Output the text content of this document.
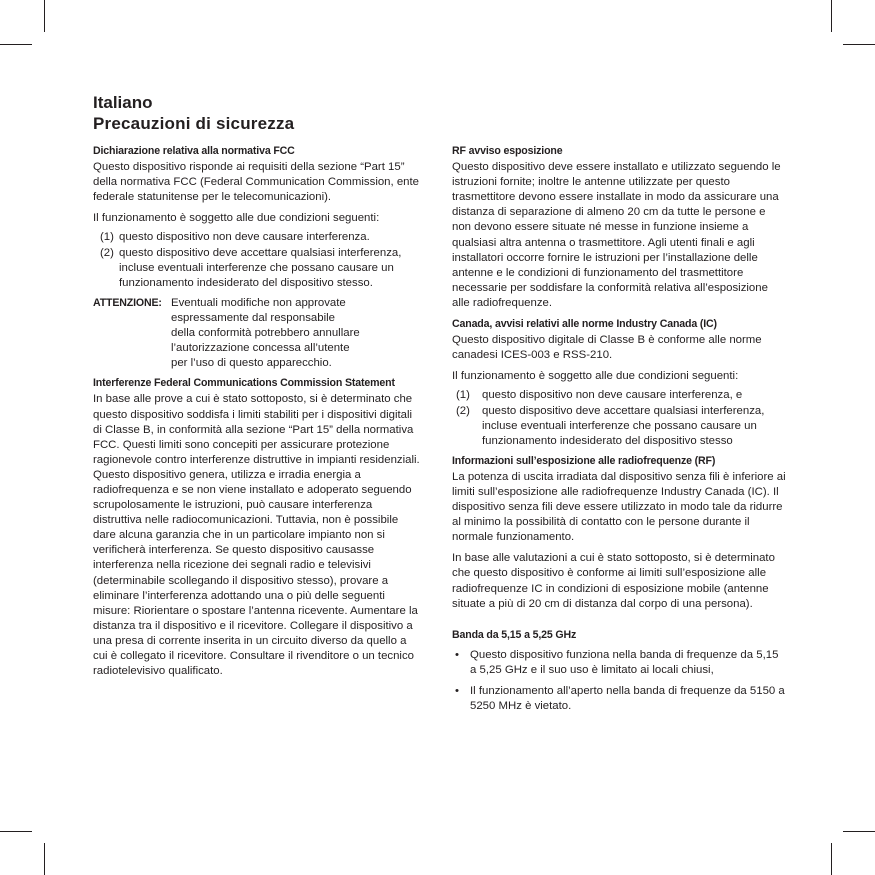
Italiano
Precauzioni di sicurezza
Dichiarazione relativa alla normativa FCC

Questo dispositivo risponde ai requisiti della sezione “Part 15” della normativa FCC (Federal Communication Commission, ente federale statunitense per le telecomunicazioni).

Il funzionamento è soggetto alle due condizioni seguenti:

(1) questo dispositivo non deve causare interferenza.
(2) questo dispositivo deve accettare qualsiasi interferenza, incluse eventuali interferenze che possano causare un funzionamento indesiderato del dispositivo stesso.
ATTENZIONE: Eventuali modifiche non approvate espressamente dal responsabile della conformità potrebbero annullare l’autorizzazione concessa all’utente per l’uso di questo apparecchio.
Interferenze Federal Communications Commission Statement

In base alle prove a cui è stato sottoposto, si è determinato che questo dispositivo soddisfa i limiti stabiliti per i dispositivi digitali di Classe B, in conformità alla sezione “Part 15” della normativa FCC. Questi limiti sono concepiti per assicurare protezione ragionevole contro interferenze distruttive in impianti residenziali. Questo dispositivo genera, utilizza e irradia energia a radiofrequenza e se non viene installato e adoperato seguendo scrupolosamente le istruzioni, può causare interferenza distruttiva nelle radiocomunicazioni. Tuttavia, non è possibile dare alcuna garanzia che in un particolare impianto non si verificherà interferenza. Se questo dispositivo causasse interferenza nella ricezione dei segnali radio e televisivi (determinabile scollegando il dispositivo stesso), provare a eliminare l’interferenza adottando una o più delle seguenti misure: Riorientare o spostare l’antenna ricevente. Aumentare la distanza tra il dispositivo e il ricevitore. Collegare il dispositivo a una presa di corrente inserita in un circuito diverso da quello a cui è collegato il ricevitore. Consultare il rivenditore o un tecnico radiotelevisivo qualificato.

RF avviso esposizione

Questo dispositivo deve essere installato e utilizzato seguendo le istruzioni fornite; inoltre le antenne utilizzate per questo trasmettitore devono essere installate in modo da assicurare una distanza di separazione di almeno 20 cm da tutte le persone e non devono essere situate né messe in funzione insieme a qualsiasi altra antenna o trasmettitore. Agli utenti finali e agli installatori occorre fornire le istruzioni per l’installazione delle antenne e le condizioni di funzionamento del trasmettitore necessarie per soddisfare la conformità relativa all’esposizione alle radiofrequenze.

Canada, avvisi relativi alle norme Industry Canada (IC)

Questo dispositivo digitale di Classe B è conforme alle norme canadesi ICES-003 e RSS-210.

Il funzionamento è soggetto alle due condizioni seguenti:

(1) questo dispositivo non deve causare interferenza, e
(2) questo dispositivo deve accettare qualsiasi interferenza, incluse eventuali interferenze che possano causare un funzionamento indesiderato del dispositivo stesso
Informazioni sull’esposizione alle radiofrequenze (RF)

La potenza di uscita irradiata dal dispositivo senza fili è inferiore ai limiti sull’esposizione alle radiofrequenze Industry Canada (IC). Il dispositivo senza fili deve essere utilizzato in modo tale da ridurre al minimo la possibilità di contatto con le persone durante il normale funzionamento.

In base alle valutazioni a cui è stato sottoposto, si è determinato che questo dispositivo è conforme ai limiti sull’esposizione alle radiofrequenze IC in condizioni di esposizione mobile (antenne situate a più di 20 cm di distanza dal corpo di una persona).

Banda da 5,15 a 5,25 GHz
• Questo dispositivo funziona nella banda di frequenze da 5,15 a 5,25 GHz e il suo uso è limitato ai locali chiusi,
• Il funzionamento all’aperto nella banda di frequenze da 5150 a 5250 MHz è vietato.
